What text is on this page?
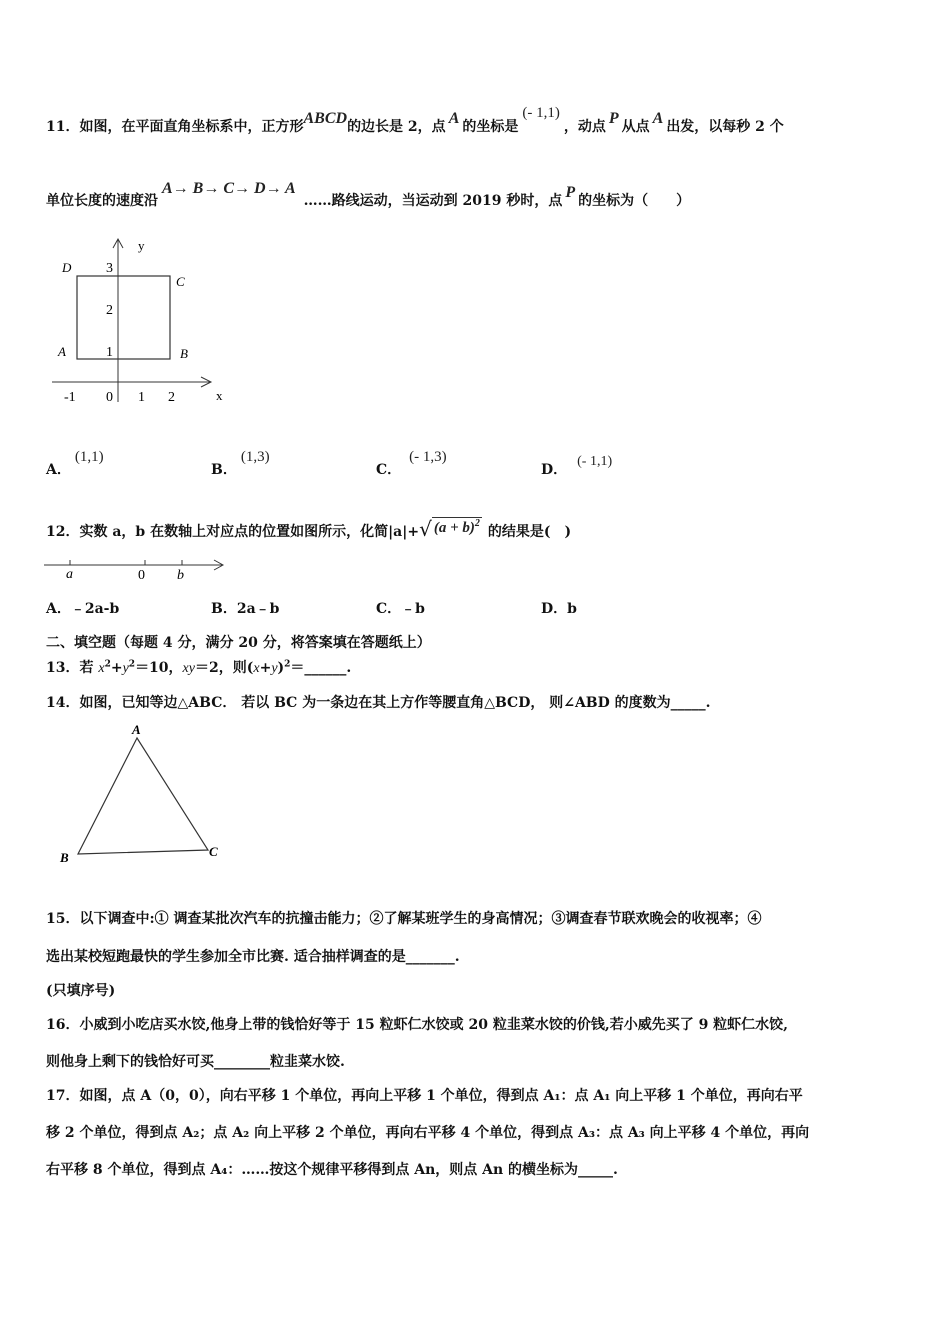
11．如图，在平面直角坐标系中，正方形ABCD的边长是 2，点 A 的坐标是(- 1,1)，动点 P 从点 A 出发，以每秒 2 个
单位长度的速度沿A→ B→ C→ D→ A……路线运动，当运动到 2019 秒时，点 P 的坐标为（　　）
y
x
D
C
A	B
3
2
1
-1 0 1 2
A．(1,1)
B．(1,3)
C．(- 1,3)
D．(- 1,1)
12．实数 a，b 在数轴上对应点的位置如图所示，化简|a|+√ $(a + b)^2$的结果是(　)
a	0 b
A．﹣2a-b	B．2a﹣b	C．﹣b	D．b
二、填空题（每题 4 分，满分 20 分，将答案填在答题纸上）
13．若 $x^2+y^2=10$，xy＝2，则$(x+y)^2=\_\_\_\_\_\_$.
14．如图，已知等边△ABC． 若以 BC 为一条边在其上方作等腰直角△BCD， 则∠ABD 的度数为_____.
A
B	C
15．以下调查中:① 调查某批次汽车的抗撞击能力；②了解某班学生的身高情况；③调查春节联欢晚会的收视率；④
选出某校短跑最快的学生参加全市比赛. 适合抽样调查的是_______.
(只填序号)
16．小威到小吃店买水饺,他身上带的钱恰好等于 15 粒虾仁水饺或 20 粒韭菜水饺的价钱,若小威先买了 9 粒虾仁水饺,
则他身上剩下的钱恰好可买________粒韭菜水饺.
17．如图，点 A（0，0），向右平移 1 个单位，再向上平移 1 个单位，得到点 A₁：点 A₁ 向上平移 1 个单位，再向右平
移 2 个单位，得到点 A₂；点 A₂ 向上平移 2 个单位，再向右平移 4 个单位，得到点 A₃：点 A₃ 向上平移 4 个单位，再向
右平移 8 个单位，得到点 A₄：……按这个规律平移得到点 An，则点 An 的横坐标为_____.
